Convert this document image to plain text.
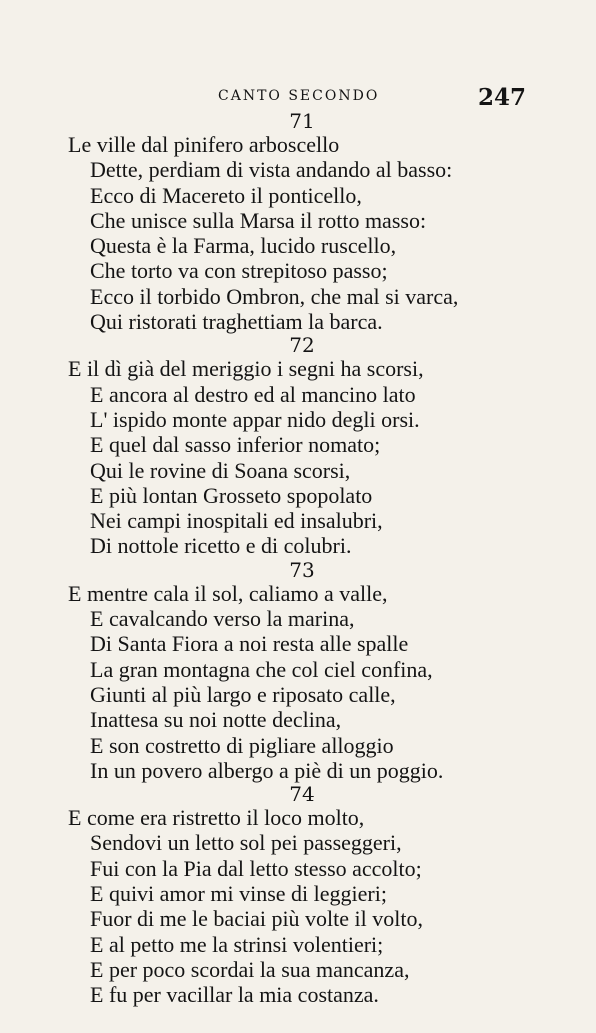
CANTO SECONDO	247
71
Le ville dal pinifero arboscello
Dette, perdiam di vista andando al basso:
Ecco di Macereto il ponticello,
Che unisce sulla Marsa il rotto masso:
Questa è la Farma, lucido ruscello,
Che torto va con strepitoso passo;
Ecco il torbido Ombron, che mal si varca,
Qui ristorati traghettiam la barca.
72
E il dì già del meriggio i segni ha scorsi,
E ancora al destro ed al mancino lato
L' ispido monte appar nido degli orsi.
E quel dal sasso inferior nomato;
Qui le rovine di Soana scorsi,
E più lontan Grosseto spopolato
Nei campi inospitali ed insalubri,
Di nottole ricetto e di colubri.
73
E mentre cala il sol, caliamo a valle,
E cavalcando verso la marina,
Di Santa Fiora a noi resta alle spalle
La gran montagna che col ciel confina,
Giunti al più largo e riposato calle,
Inattesa su noi notte declina,
E son costretto di pigliare alloggio
In un povero albergo a piè di un poggio.
74
E come era ristretto il loco molto,
Sendovi un letto sol pei passeggeri,
Fui con la Pia dal letto stesso accolto;
E quivi amor mi vinse di leggieri;
Fuor di me le baciai più volte il volto,
E al petto me la strinsi volentieri;
E per poco scordai la sua mancanza,
E fu per vacillar la mia costanza.
